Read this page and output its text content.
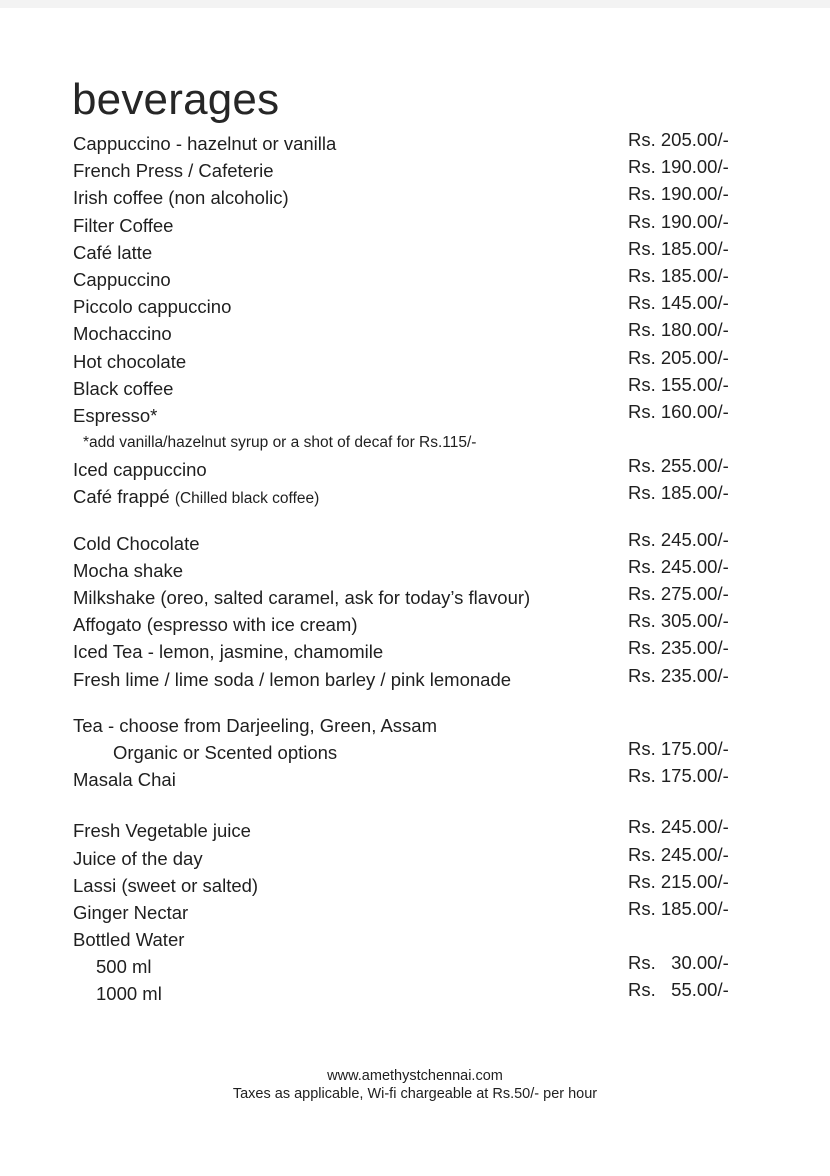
beverages
Cappuccino - hazelnut or vanilla	Rs. 205.00/-
French Press / Cafeterie	Rs. 190.00/-
Irish coffee (non alcoholic)	Rs. 190.00/-
Filter Coffee	Rs. 190.00/-
Café latte	Rs. 185.00/-
Cappuccino	Rs. 185.00/-
Piccolo cappuccino	Rs. 145.00/-
Mochaccino	Rs. 180.00/-
Hot chocolate	Rs. 205.00/-
Black coffee	Rs. 155.00/-
Espresso*	Rs. 160.00/-
*add vanilla/hazelnut syrup or a shot of decaf for Rs.115/-
Iced cappuccino	Rs. 255.00/-
Café frappé (Chilled black coffee)	Rs. 185.00/-
Cold Chocolate	Rs. 245.00/-
Mocha shake	Rs. 245.00/-
Milkshake (oreo, salted caramel, ask for today’s flavour)	Rs. 275.00/-
Affogato (espresso with ice cream)	Rs. 305.00/-
Iced Tea - lemon, jasmine, chamomile	Rs. 235.00/-
Fresh lime / lime soda / lemon barley / pink lemonade	Rs. 235.00/-
Tea - choose from Darjeeling, Green, Assam
Organic or Scented options	Rs. 175.00/-
Masala Chai	Rs. 175.00/-
Fresh Vegetable juice	Rs. 245.00/-
Juice of the day	Rs. 245.00/-
Lassi (sweet or salted)	Rs. 215.00/-
Ginger Nectar	Rs. 185.00/-
Bottled Water
500 ml	Rs.   30.00/-
1000 ml	Rs.   55.00/-
www.amethystchennai.com
Taxes as applicable, Wi-fi chargeable at Rs.50/- per hour
